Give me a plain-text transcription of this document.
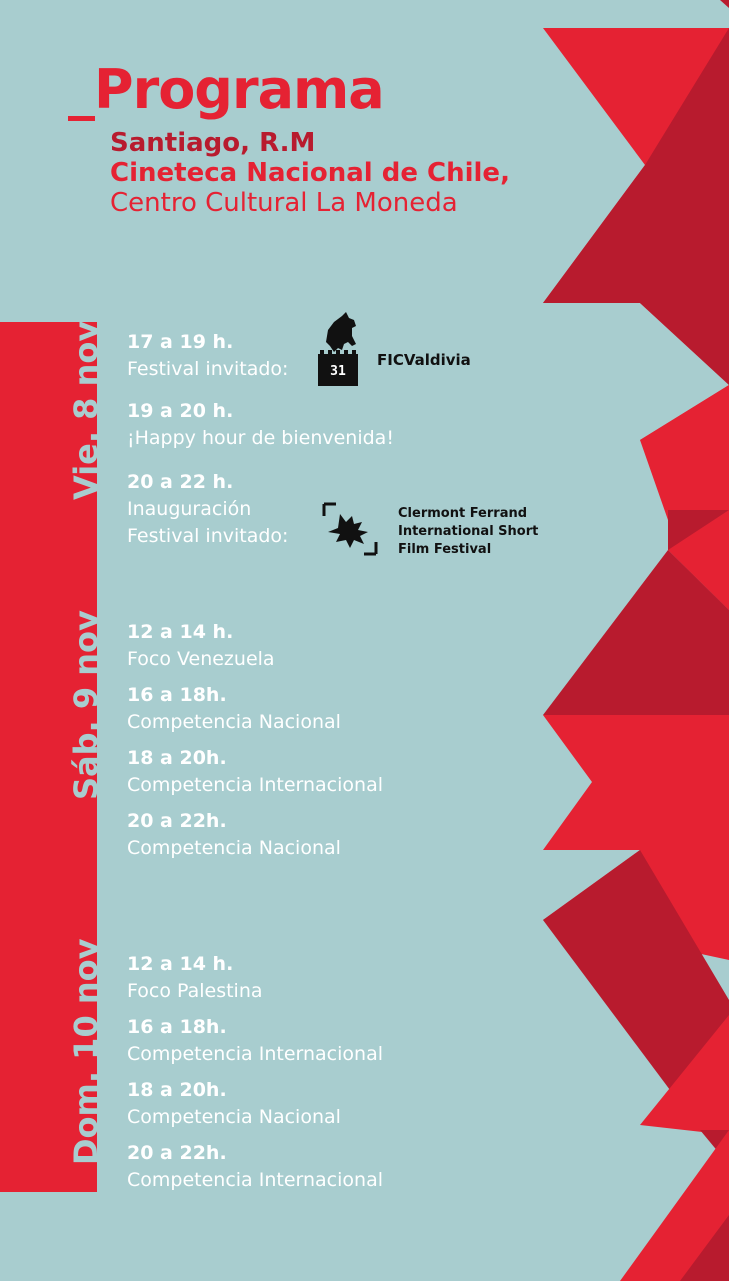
_Programa
Santiago, R.M
Cineteca Nacional de Chile,
Centro Cultural La Moneda
Vie. 8 nov
Sáb. 9 nov
Dom. 10 nov
17 a 19 h.
Festival invitado:	31
FICValdivia
19 a 20 h.
¡Happy hour de bienvenida!
20 a 22 h.
Inauguración
Festival invitado:
Clermont Ferrand
International Short
Film Festival
12 a 14 h.
Foco Venezuela
16 a 18h.
Competencia Nacional
18 a 20h.
Competencia Internacional
20 a 22h.
Competencia Nacional
12 a 14 h.
Foco Palestina
16 a 18h.
Competencia Internacional
18 a 20h.
Competencia Nacional
20 a 22h.
Competencia Internacional
